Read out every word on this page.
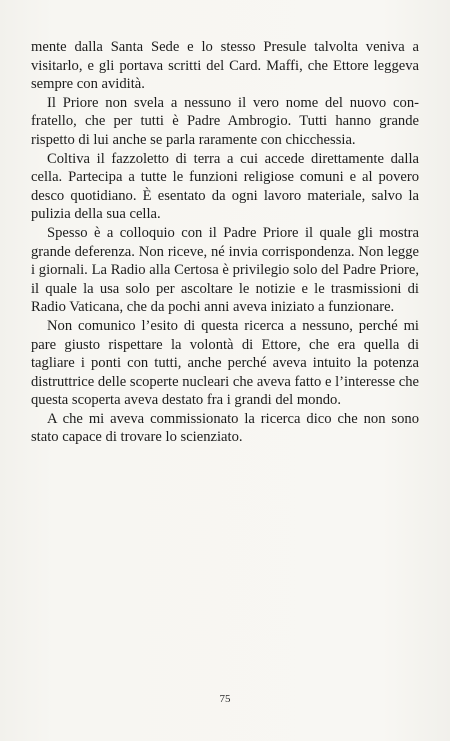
mente dalla Santa Sede e lo stesso Presule talvolta veniva a visitarlo, e gli portava scritti del Card. Maffi, che Ettore leggeva sempre con avidità.

Il Priore non svela a nessuno il vero nome del nuovo confratello, che per tutti è Padre Ambrogio. Tutti hanno grande rispetto di lui anche se parla raramente con chicchessia.

Coltiva il fazzoletto di terra a cui accede direttamente dalla cella. Partecipa a tutte le funzioni religiose comuni e al povero desco quotidiano. È esentato da ogni lavoro materiale, salvo la pulizia della sua cella.

Spesso è a colloquio con il Padre Priore il quale gli mostra grande deferenza. Non riceve, né invia corrispondenza. Non legge i giornali. La Radio alla Certosa è privilegio solo del Padre Priore, il quale la usa solo per ascoltare le notizie e le trasmissioni di Radio Vaticana, che da pochi anni aveva iniziato a funzionare.

Non comunico l’esito di questa ricerca a nessuno, perché mi pare giusto rispettare la volontà di Ettore, che era quella di tagliare i ponti con tutti, anche perché aveva intuito la potenza distruttrice delle scoperte nucleari che aveva fatto e l’interesse che questa scoperta aveva destato fra i grandi del mondo.

A che mi aveva commissionato la ricerca dico che non sono stato capace di trovare lo scienziato.

75
